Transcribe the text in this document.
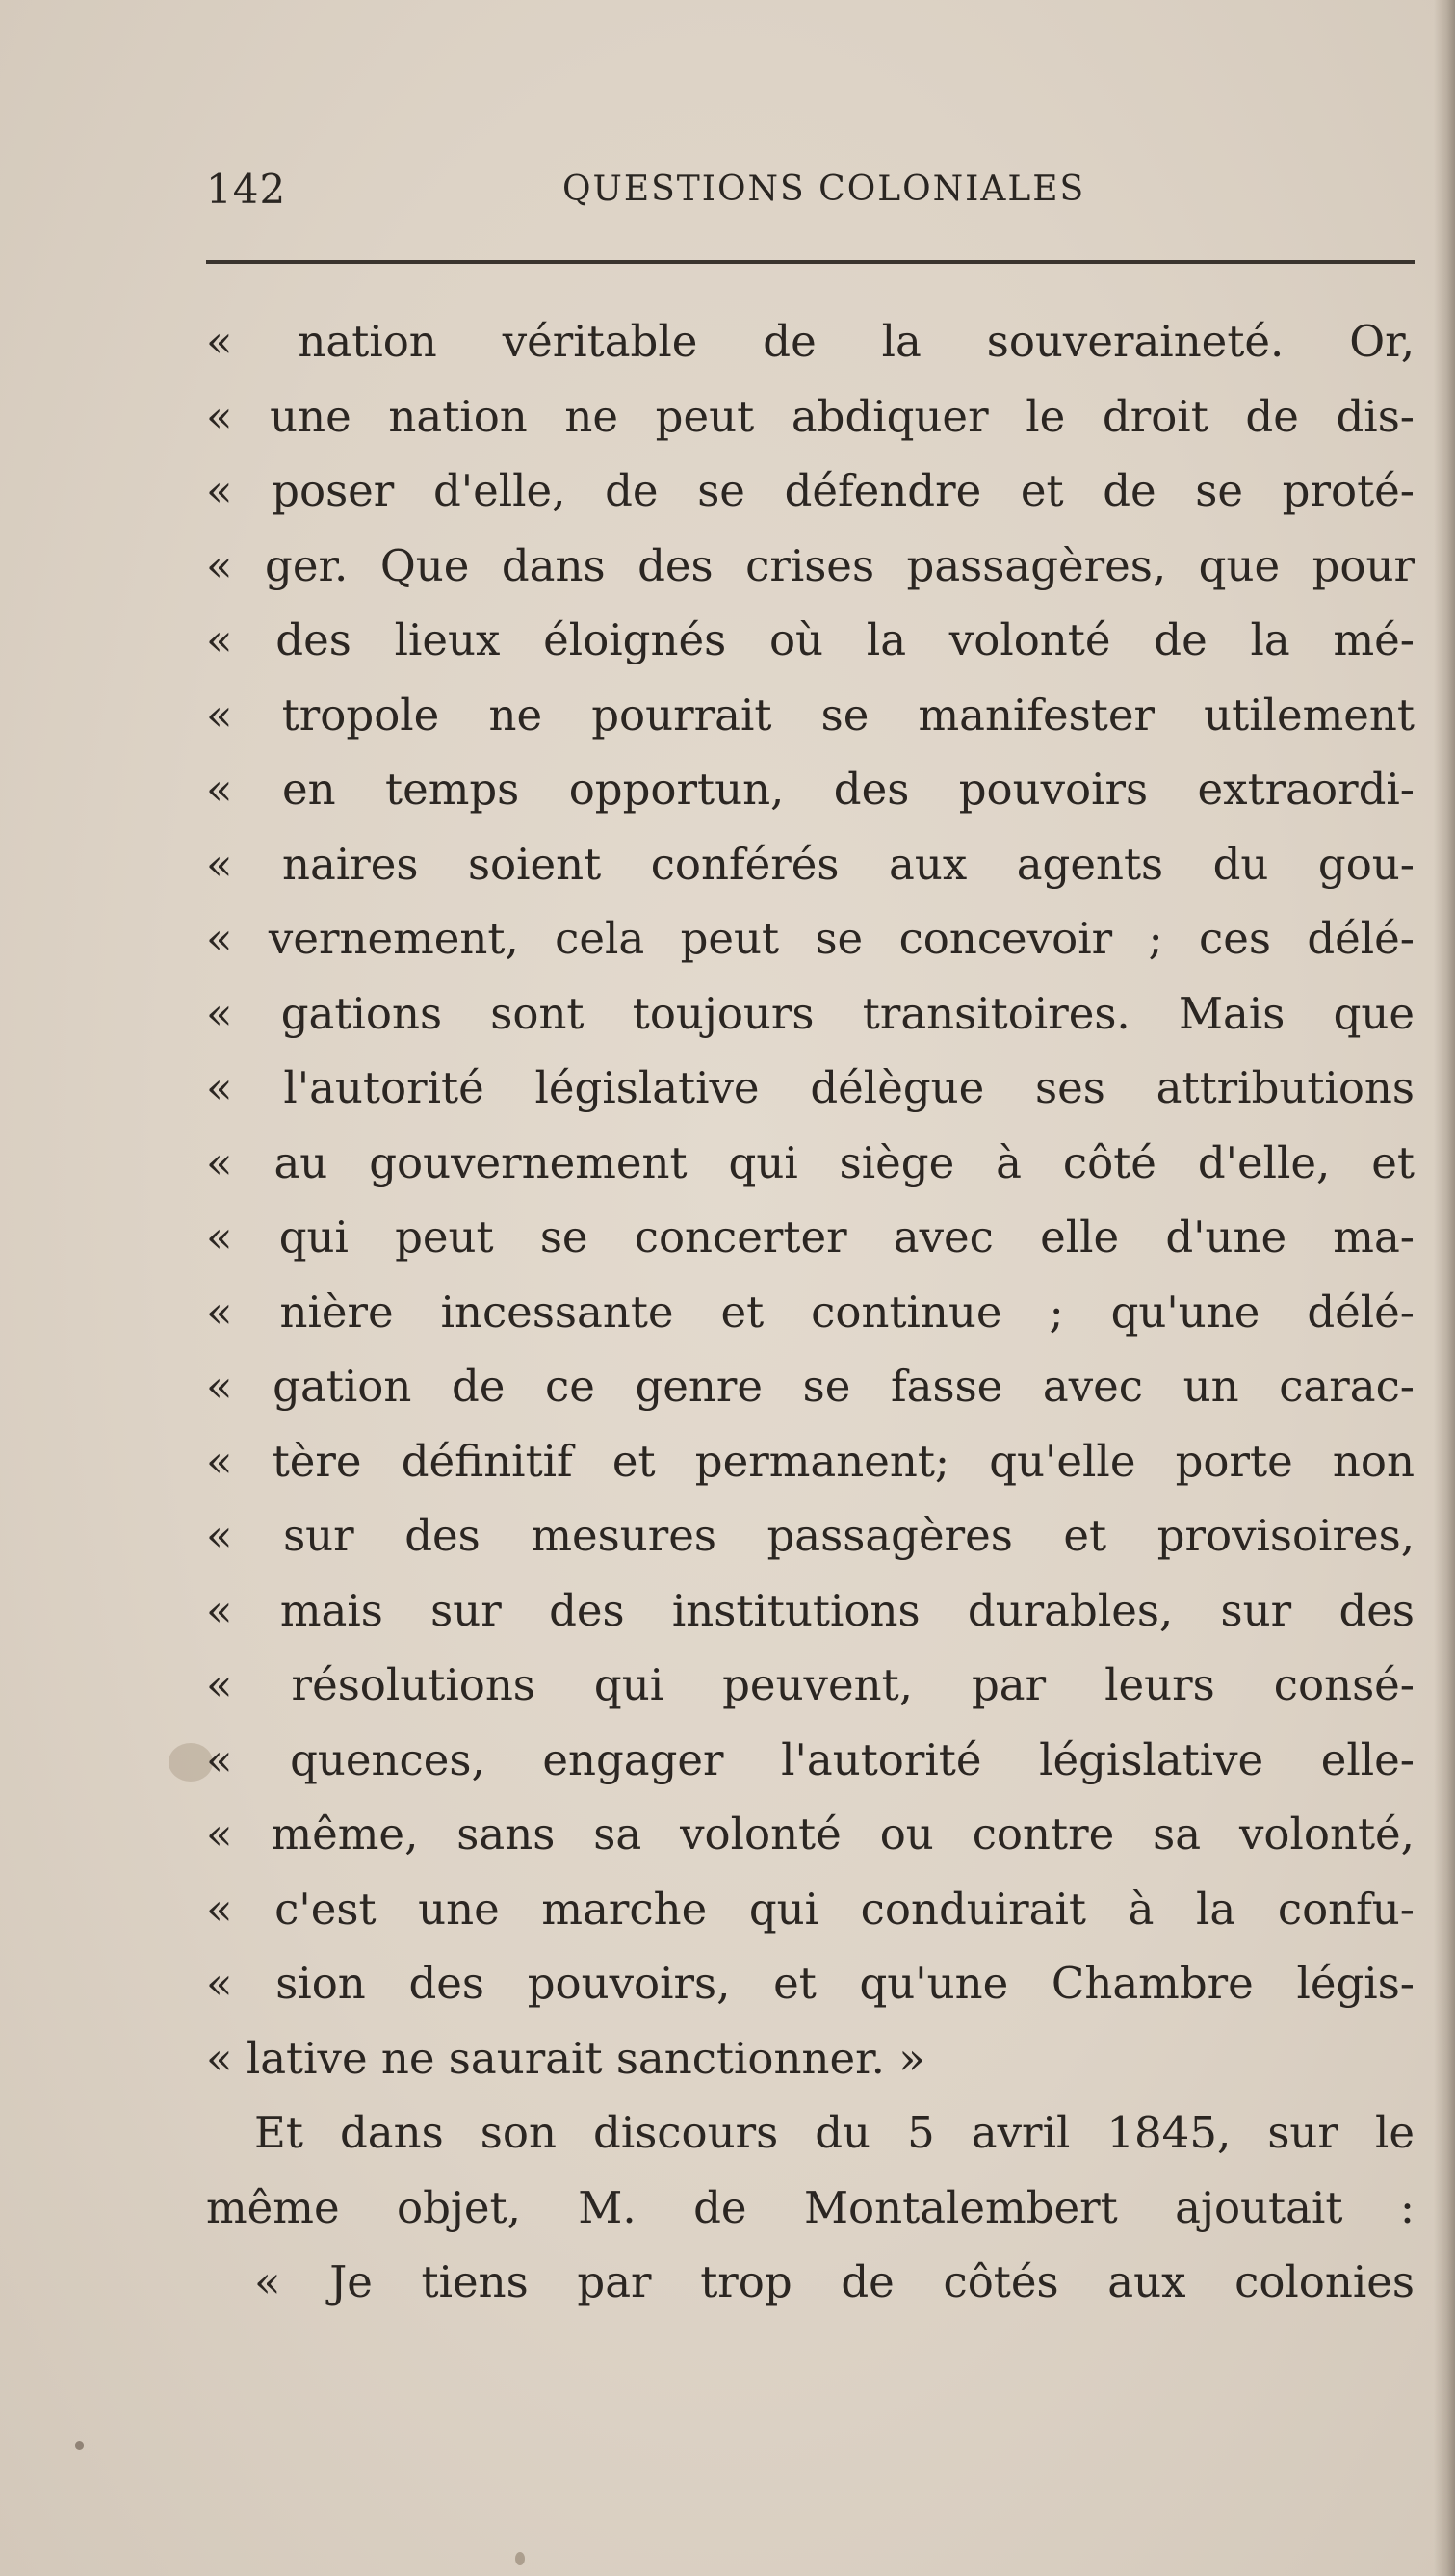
142	QUESTIONS COLONIALES
« nation véritable de la souveraineté. Or,
« une nation ne peut abdiquer le droit de dis-
« poser d'elle, de se défendre et de se proté-
« ger. Que dans des crises passagères, que pour
« des lieux éloignés où la volonté de la mé-
« tropole ne pourrait se manifester utilement
« en temps opportun, des pouvoirs extraordi-
« naires soient conférés aux agents du gou-
« vernement, cela peut se concevoir ; ces délé-
« gations sont toujours transitoires. Mais que
« l'autorité législative délègue ses attributions
« au gouvernement qui siège à côté d'elle, et
« qui peut se concerter avec elle d'une ma-
« nière incessante et continue ; qu'une délé-
« gation de ce genre se fasse avec un carac-
« tère définitif et permanent; qu'elle porte non
« sur des mesures passagères et provisoires,
« mais sur des institutions durables, sur des
« résolutions qui peuvent, par leurs consé-
« quences, engager l'autorité législative elle-
« même, sans sa volonté ou contre sa volonté,
« c'est une marche qui conduirait à la confu-
« sion des pouvoirs, et qu'une Chambre légis-
« lative ne saurait sanctionner. »
Et dans son discours du 5 avril 1845, sur le
même objet, M. de Montalembert ajoutait :
« Je tiens par trop de côtés aux colonies
